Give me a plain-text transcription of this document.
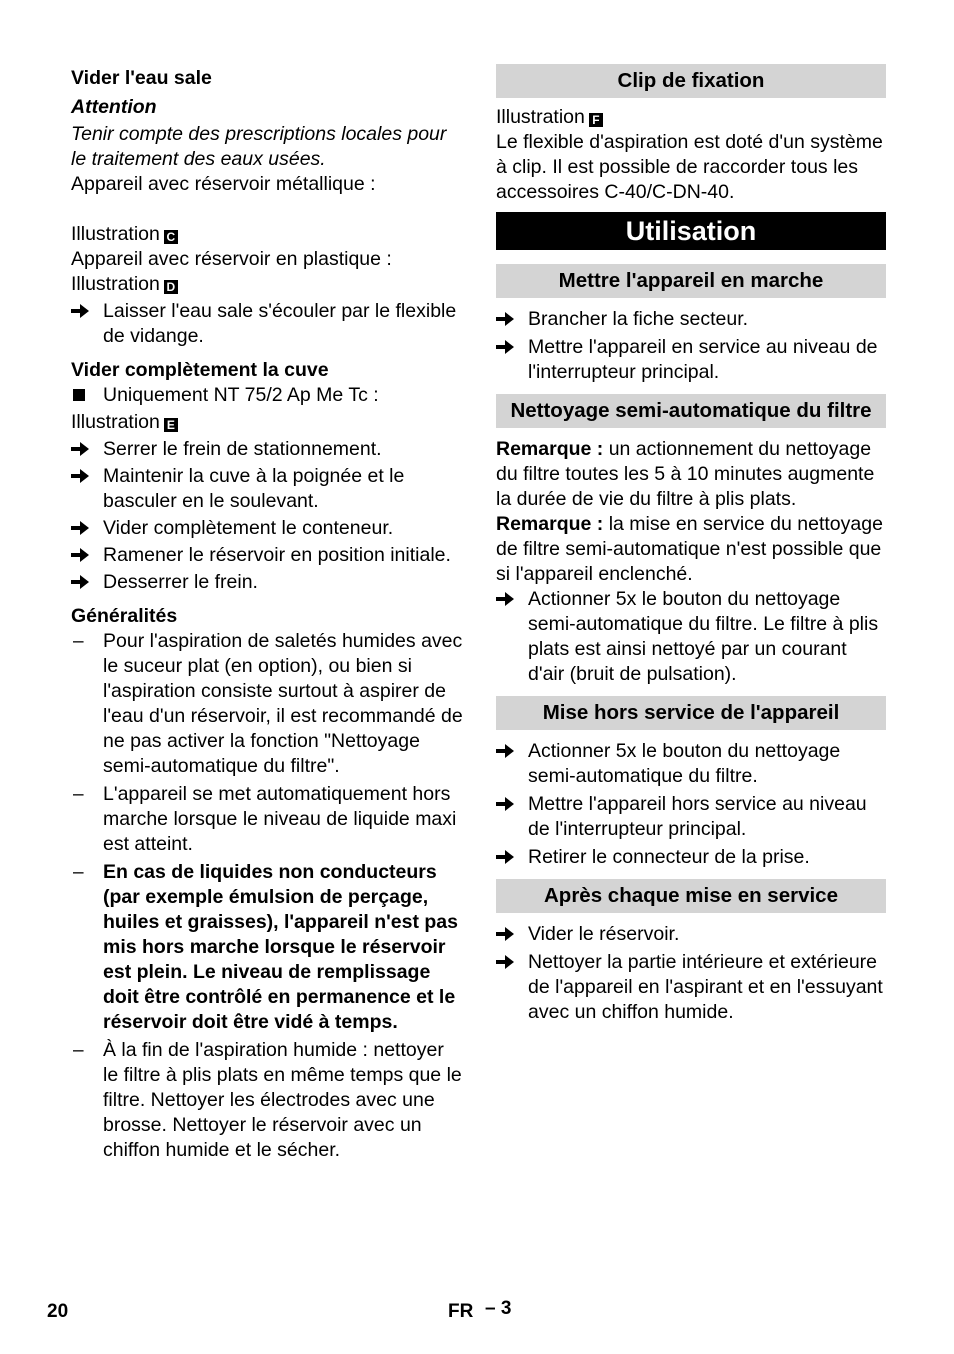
Vider l'eau sale

Attention

Tenir compte des prescriptions locales pour le traitement des eaux usées.

Appareil avec réservoir métallique :

Illustration C

Appareil avec réservoir en plastique :

Illustration D

Laisser l'eau sale s'écouler par le flexible de vidange.

Vider complètement la cuve

Uniquement NT 75/2 Ap Me Tc :

Illustration E

Serrer le frein de stationnement.
Maintenir la cuve à la poignée et le basculer en le soulevant.
Vider complètement le conteneur.
Ramener le réservoir en position initiale.
Desserrer le frein.

Généralités

– Pour l'aspiration de saletés humides avec le suceur plat (en option), ou bien si l'aspiration consiste surtout à aspirer de l'eau d'un réservoir, il est recommandé de ne pas activer la fonction "Nettoyage semi-automatique du filtre".
– L'appareil se met automatiquement hors marche lorsque le niveau de liquide maxi est atteint.
– En cas de liquides non conducteurs (par exemple émulsion de perçage, huiles et graisses), l'appareil n'est pas mis hors marche lorsque le réservoir est plein. Le niveau de remplissage doit être contrôlé en permanence et le réservoir doit être vidé à temps.
– À la fin de l'aspiration humide : nettoyer le filtre à plis plats en même temps que le filtre. Nettoyer les électrodes avec une brosse. Nettoyer le réservoir avec un chiffon humide et le sécher.
Clip de fixation

Illustration F

Le flexible d'aspiration est doté d'un système à clip. Il est possible de raccorder tous les accessoires C-40/C-DN-40.

Utilisation
Mettre l'appareil en marche
Brancher la fiche secteur.
Mettre l'appareil en service au niveau de l'interrupteur principal.
Nettoyage semi-automatique du filtre

Remarque : un actionnement du nettoyage du filtre toutes les 5 à 10 minutes augmente la durée de vie du filtre à plis plats.

Remarque : la mise en service du nettoyage de filtre semi-automatique n'est possible que si l'appareil enclenché.

Actionner 5x le bouton du nettoyage semi-automatique du filtre. Le filtre à plis plats est ainsi nettoyé par un courant d'air (bruit de pulsation).
Mise hors service de l'appareil
Actionner 5x le bouton du nettoyage semi-automatique du filtre.
Mettre l'appareil hors service au niveau de l'interrupteur principal.
Retirer le connecteur de la prise.
Après chaque mise en service
Vider le réservoir.
Nettoyer la partie intérieure et extérieure de l'appareil en l'aspirant et en l'essuyant avec un chiffon humide.
20	FR – 3
